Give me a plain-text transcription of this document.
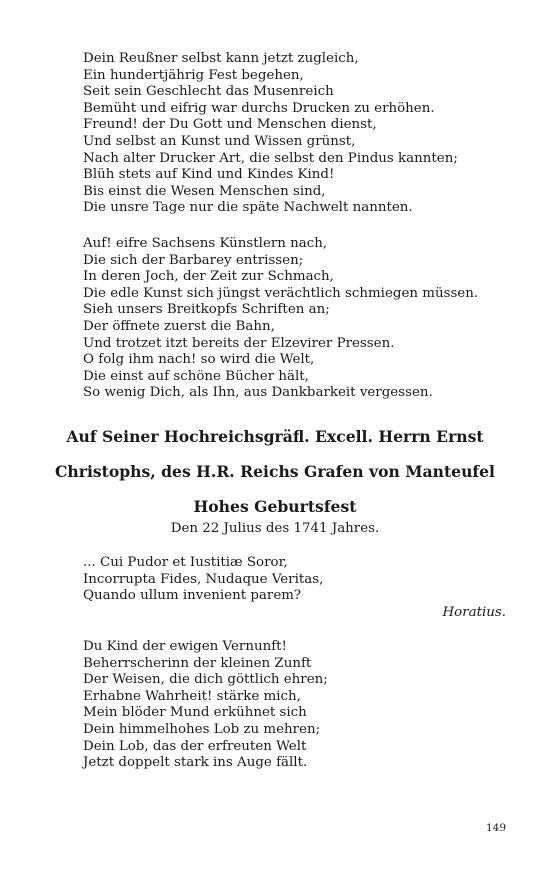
Dein Reußner selbst kann jetzt zugleich,
Ein hundertjährig Fest begehen,
Seit sein Geschlecht das Musenreich
Bemüht und eifrig war durchs Drucken zu erhöhen.
Freund! der Du Gott und Menschen dienst,
Und selbst an Kunst und Wissen grünst,
Nach alter Drucker Art, die selbst den Pindus kannten;
Blüh stets auf Kind und Kindes Kind!
Bis einst die Wesen Menschen sind,
Die unsre Tage nur die späte Nachwelt nannten.
Auf! eifre Sachsens Künstlern nach,
Die sich der Barbarey entrissen;
In deren Joch, der Zeit zur Schmach,
Die edle Kunst sich jüngst verächtlich schmiegen müssen.
Sieh unsers Breitkopfs Schriften an;
Der öffnete zuerst die Bahn,
Und trotzet itzt bereits der Elzevirer Pressen.
O folg ihm nach! so wird die Welt,
Die einst auf schöne Bücher hält,
So wenig Dich, als Ihn, aus Dankbarkeit vergessen.
Auf Seiner Hochreichsgräfl. Excell. Herrn Ernst
Christophs, des H.R. Reichs Grafen von Manteufel
Hohes Geburtsfest
Den 22 Julius des 1741 Jahres.
... Cui Pudor et Iustitiæ Soror,
Incorrupta Fides, Nudaque Veritas,
Quando ullum invenient parem?
Horatius.
Du Kind der ewigen Vernunft!
Beherrscherinn der kleinen Zunft
Der Weisen, die dich göttlich ehren;
Erhabne Wahrheit! stärke mich,
Mein blöder Mund erkühnet sich
Dein himmelhohes Lob zu mehren;
Dein Lob, das der erfreuten Welt
Jetzt doppelt stark ins Auge fällt.
149
